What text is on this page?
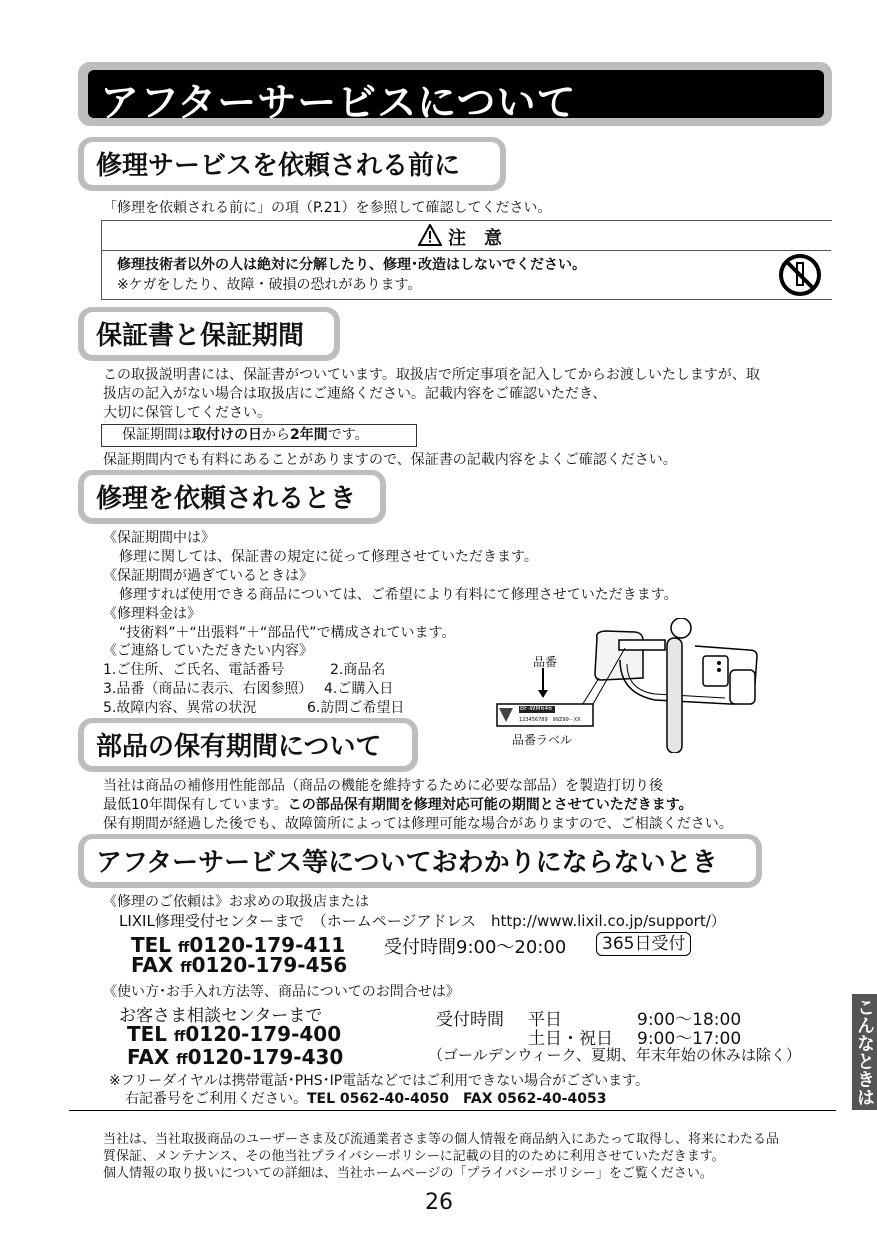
アフターサービスについて
修理サービスを依頼される前に
「修理を依頼される前に」の項（P.21）を参照して確認してください。
注　意
修理技術者以外の人は絶対に分解したり、修理･改造はしないでください。
※ケガをしたり、故障・破損の恐れがあります。
保証書と保証期間
この取扱説明書には、保証書がついています。取扱店で所定事項を記入してからお渡しいたしますが、取
扱店の記入がない場合は取扱店にご連絡ください。記載内容をご確認いただき、
大切に保管してください。
保証期間は取付けの日から2年間です。
保証期間内でも有料にあることがありますので、保証書の記載内容をよくご確認ください。
修理を依頼されるとき
《保証期間中は》
修理に関しては、保証書の規定に従って修理させていただきます。
《保証期間が過ぎているときは》
修理すれば使用できる商品については、ご希望により有料にて修理させていただきます。
《修理料金は》
“技術料”＋“出張料”＋“部品代”で構成されています。
《ご連絡していただきたい内容》
1.ご住所、ご氏名、電話番号	2.商品名
3.品番（商品に表示、右図参照） 4.ご購入日
5.故障内容、異常の状況	6.訪問ご希望日
品番
BF-WM646
123456789　99Z99－XX
品番ラベル
部品の保有期間について
当社は商品の補修用性能部品（商品の機能を維持するために必要な部品）を製造打切り後
最低10年間保有しています。この部品保有期間を修理対応可能の期間とさせていただきます。
保有期間が経過した後でも、故障箇所によっては修理可能な場合がありますので、ご相談ください。
アフターサービス等についておわかりにならないとき
《修理のご依頼は》お求めの取扱店または
LIXIL修理受付センターまで　（ホームページアドレス　http://www.lixil.co.jp/support/）
TEL ff0120-179-411 受付時間9:00～20:00	365日受付
FAX ff0120-179-456
《使い方･お手入れ方法等、商品についてのお問合せは》
お客さま相談センターまで
TEL ff0120-179-400
FAX ff0120-179-430
受付時間 平日	9:00～18:00
土日・祝日 9:00～17:00
（ゴールデンウィーク、夏期、年末年始の休みは除く）
※フリーダイヤルは携帯電話･PHS･IP電話などではご利用できない場合がございます。
右記番号をご利用ください。TEL 0562-40-4050　FAX 0562-40-4053
当社は、当社取扱商品のユーザーさま及び流通業者さま等の個人情報を商品納入にあたって取得し、将来にわたる品
質保証、メンテナンス、その他当社プライバシーポリシーに記載の目的のために利用させていただきます。
個人情報の取り扱いについての詳細は、当社ホームページの「プライバシーポリシー」をご覧ください。
26
こんなときは
